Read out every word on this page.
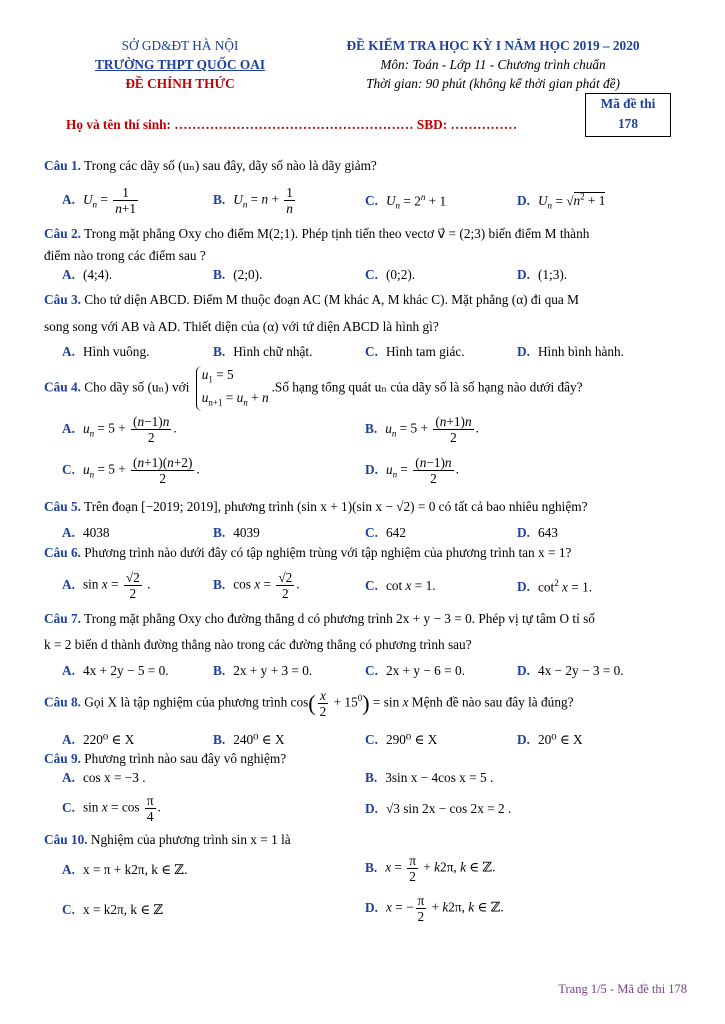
SỞ GD&ĐT HÀ NỘI
TRƯỜNG THPT QUỐC OAI
ĐỀ CHÍNH THỨC
ĐỀ KIỂM TRA HỌC KỲ I NĂM HỌC 2019 – 2020
Môn: Toán - Lớp 11 - Chương trình chuẩn
Thời gian: 90 phút (không kể thời gian phát đề)
Mã đề thi
178
Họ và tên thí sinh: ……………………………………………… SBD: ……………
Câu 1. Trong các dãy số (uₙ) sau đây, dãy số nào là dãy giảm?
A. $U_n = \frac{1}{n+1}$	B. $U_n = n + \frac{1}{n}$	C. $U_n = 2^n + 1$	D. $U_n = √n^2 + 1$
Câu 2. Trong mặt phẳng Oxy cho điểm M(2;1). Phép tịnh tiến theo vectơ v⃗ = (2;3) biến điểm M thành
điểm nào trong các điểm sau ?
A. (4;4).	B. (2;0).	C. (0;2).	D. (1;3).
Câu 3. Cho tứ diện ABCD. Điểm M thuộc đoạn AC (M khác A, M khác C). Mặt phẳng (α) đi qua M
song song với AB và AD. Thiết diện của (α) với tứ diện ABCD là hình gì?
A. Hình vuông.	B. Hình chữ nhật.	C. Hình tam giác.	D. Hình bình hành.
Câu 4. Cho dãy số (uₙ) với $u_1 = 5$
$u_{n+1} = u_n$ + n.Số hạng tổng quát uₙ của dãy số là số hạng nào dưới đây?
A. $u_n = 5 + \frac{(n-1)n}{2}$ .	B. $u_n = 5 + \frac{(n+1)n}{2}$ .
C. $u_n = 5 + \frac{(n+1)(n+2)}{2}$ .	D. $u_n = \frac{(n-1)n}{2}$ .
Câu 5. Trên đoạn [−2019; 2019], phương trình (sin x + 1)(sin x − √2) = 0 có tất cả bao nhiêu nghiệm?
A. 4038	B. 4039	C. 642	D. 643
Câu 6. Phương trình nào dưới đây có tập nghiệm trùng với tập nghiệm của phương trình tan x = 1?
A. $\sin x = \frac{√2}{2}$ .	B. $\cos x = \frac{√2}{2}$ .	C. cot x = 1.	D. $\cot^2 x = 1$.
Câu 7. Trong mặt phẳng Oxy cho đường thẳng d có phương trình 2x + y − 3 = 0. Phép vị tự tâm O tỉ số
k = 2 biến d thành đường thẳng nào trong các đường thẳng có phương trình sau?
A. 4x + 2y − 5 = 0.	B. 2x + y + 3 = 0.	C. 2x + y − 6 = 0.	D. 4x − 2y − 3 = 0.
Câu 8. Gọi X là tập nghiệm của phương trình $\cos( \frac{x}{2} + 15^0) = \sin x$ Mệnh đề nào sau đây là đúng?
A. 220⁰ ∈ X	B. 240⁰ ∈ X	C. 290⁰ ∈ X	D. 20⁰ ∈ X
Câu 9. Phương trình nào sau đây vô nghiệm?
A. cos x = −3 .	B. 3sin x − 4cos x = 5 .
C. $\sin x = \cos \frac{\pi}{4}$ .	D. √3 sin 2x − cos 2x = 2 .
Câu 10. Nghiệm của phương trình sin x = 1 là
A. x = π + k2π, k ∈ ℤ.	B. $x = \frac{\pi}{2} + k2\pi$, k ∈ ℤ.
C. x = k2π, k ∈ ℤ	D. x = − $\frac{\pi}{2} + k2\pi$, k ∈ ℤ.
Trang 1/5 - Mã đề thi 178
